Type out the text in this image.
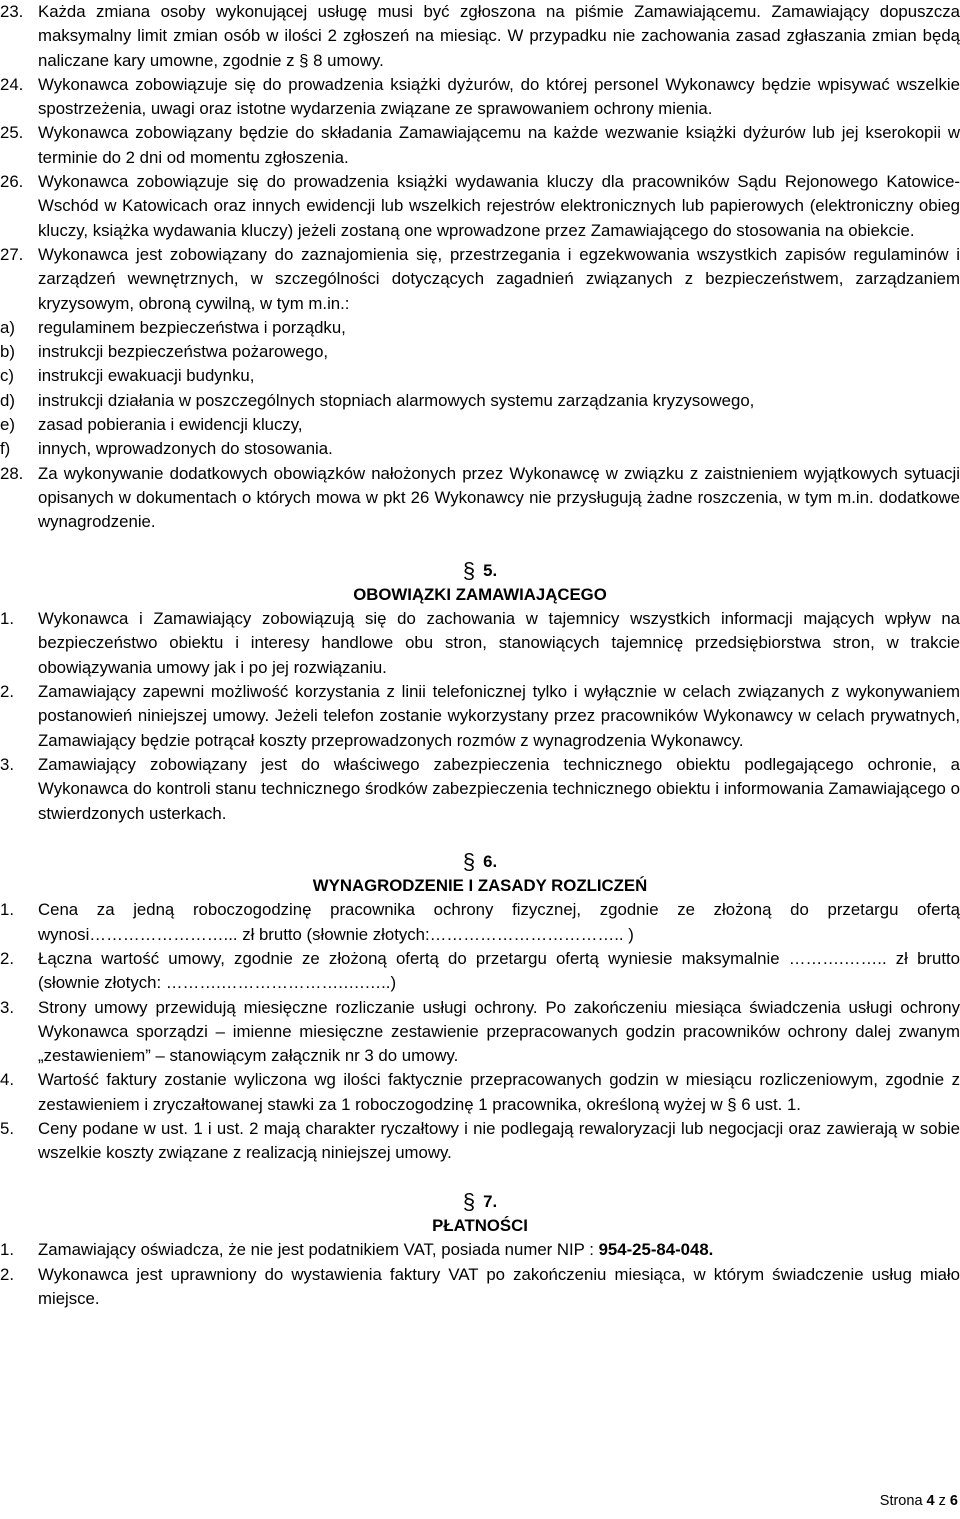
23. Każda zmiana osoby wykonującej usługę musi być zgłoszona na piśmie Zamawiającemu. Zamawiający dopuszcza maksymalny limit zmian osób w ilości 2 zgłoszeń na miesiąc. W przypadku nie zachowania zasad zgłaszania zmian będą naliczane kary umowne, zgodnie z § 8 umowy.

24. Wykonawca zobowiązuje się do prowadzenia książki dyżurów, do której personel Wykonawcy będzie wpisywać wszelkie spostrzeżenia, uwagi oraz istotne wydarzenia związane ze sprawowaniem ochrony mienia.

25. Wykonawca zobowiązany będzie do składania Zamawiającemu na każde wezwanie książki dyżurów lub jej kserokopii w terminie do 2 dni od momentu zgłoszenia.

26. Wykonawca zobowiązuje się do prowadzenia książki wydawania kluczy dla pracowników Sądu Rejonowego Katowice-Wschód w Katowicach oraz innych ewidencji lub wszelkich rejestrów elektronicznych lub papierowych (elektroniczny obieg kluczy, książka wydawania kluczy) jeżeli zostaną one wprowadzone przez Zamawiającego do stosowania na obiekcie.

27. Wykonawca jest zobowiązany do zaznajomienia się, przestrzegania i egzekwowania wszystkich zapisów regulaminów i zarządzeń wewnętrznych, w szczególności dotyczących zagadnień związanych z bezpieczeństwem, zarządzaniem kryzysowym, obroną cywilną, w tym m.in.:

a) regulaminem bezpieczeństwa i porządku,

b) instrukcji bezpieczeństwa pożarowego,

c) instrukcji ewakuacji budynku,

d) instrukcji działania w poszczególnych stopniach alarmowych systemu zarządzania kryzysowego,

e) zasad pobierania i ewidencji kluczy,

f) innych, wprowadzonych do stosowania.

28. Za wykonywanie dodatkowych obowiązków nałożonych przez Wykonawcę w związku z zaistnieniem wyjątkowych sytuacji opisanych w dokumentach o których mowa w pkt 26 Wykonawcy nie przysługują żadne roszczenia, w tym m.in. dodatkowe wynagrodzenie.

§ 5.

OBOWIĄZKI ZAMAWIAJĄCEGO

1. Wykonawca i Zamawiający zobowiązują się do zachowania w tajemnicy wszystkich informacji mających wpływ na bezpieczeństwo obiektu i interesy handlowe obu stron, stanowiących tajemnicę przedsiębiorstwa stron, w trakcie obowiązywania umowy jak i po jej rozwiązaniu.

2. Zamawiający zapewni możliwość korzystania z linii telefonicznej tylko i wyłącznie w celach związanych z wykonywaniem postanowień niniejszej umowy. Jeżeli telefon zostanie wykorzystany przez pracowników Wykonawcy w celach prywatnych, Zamawiający będzie potrącał koszty przeprowadzonych rozmów z wynagrodzenia Wykonawcy.

3. Zamawiający zobowiązany jest do właściwego zabezpieczenia technicznego obiektu podlegającego ochronie, a Wykonawca do kontroli stanu technicznego środków zabezpieczenia technicznego obiektu i informowania Zamawiającego o stwierdzonych usterkach.

§ 6.

WYNAGRODZENIE I ZASADY ROZLICZEŃ

1. Cena za jedną roboczogodzinę pracownika ochrony fizycznej, zgodnie ze złożoną do przetargu ofertą wynosi……………………... zł brutto (słownie złotych:…………………………….. )

2. Łączna wartość umowy, zgodnie ze złożoną ofertą do przetargu ofertą wyniesie maksymalnie ……….…….. zł brutto (słownie złotych: ……….………………….….…..)

3. Strony umowy przewidują miesięczne rozliczanie usługi ochrony. Po zakończeniu miesiąca świadczenia usługi ochrony Wykonawca sporządzi – imienne miesięczne zestawienie przepracowanych godzin pracowników ochrony dalej zwanym „zestawieniem” – stanowiącym załącznik nr 3 do umowy.

4. Wartość faktury zostanie wyliczona wg ilości faktycznie przepracowanych godzin w miesiącu rozliczeniowym, zgodnie z zestawieniem i zryczałtowanej stawki za 1 roboczogodzinę 1 pracownika, określoną wyżej w § 6 ust. 1.

5. Ceny podane w ust. 1 i ust. 2 mają charakter ryczałtowy i nie podlegają rewaloryzacji lub negocjacji oraz zawierają w sobie wszelkie koszty związane z realizacją niniejszej umowy.

§ 7.

PŁATNOŚCI

1. Zamawiający oświadcza, że nie jest podatnikiem VAT, posiada numer NIP : 954-25-84-048.

2. Wykonawca jest uprawniony do wystawienia faktury VAT po zakończeniu miesiąca, w którym świadczenie usług miało miejsce.

Strona 4 z 6
